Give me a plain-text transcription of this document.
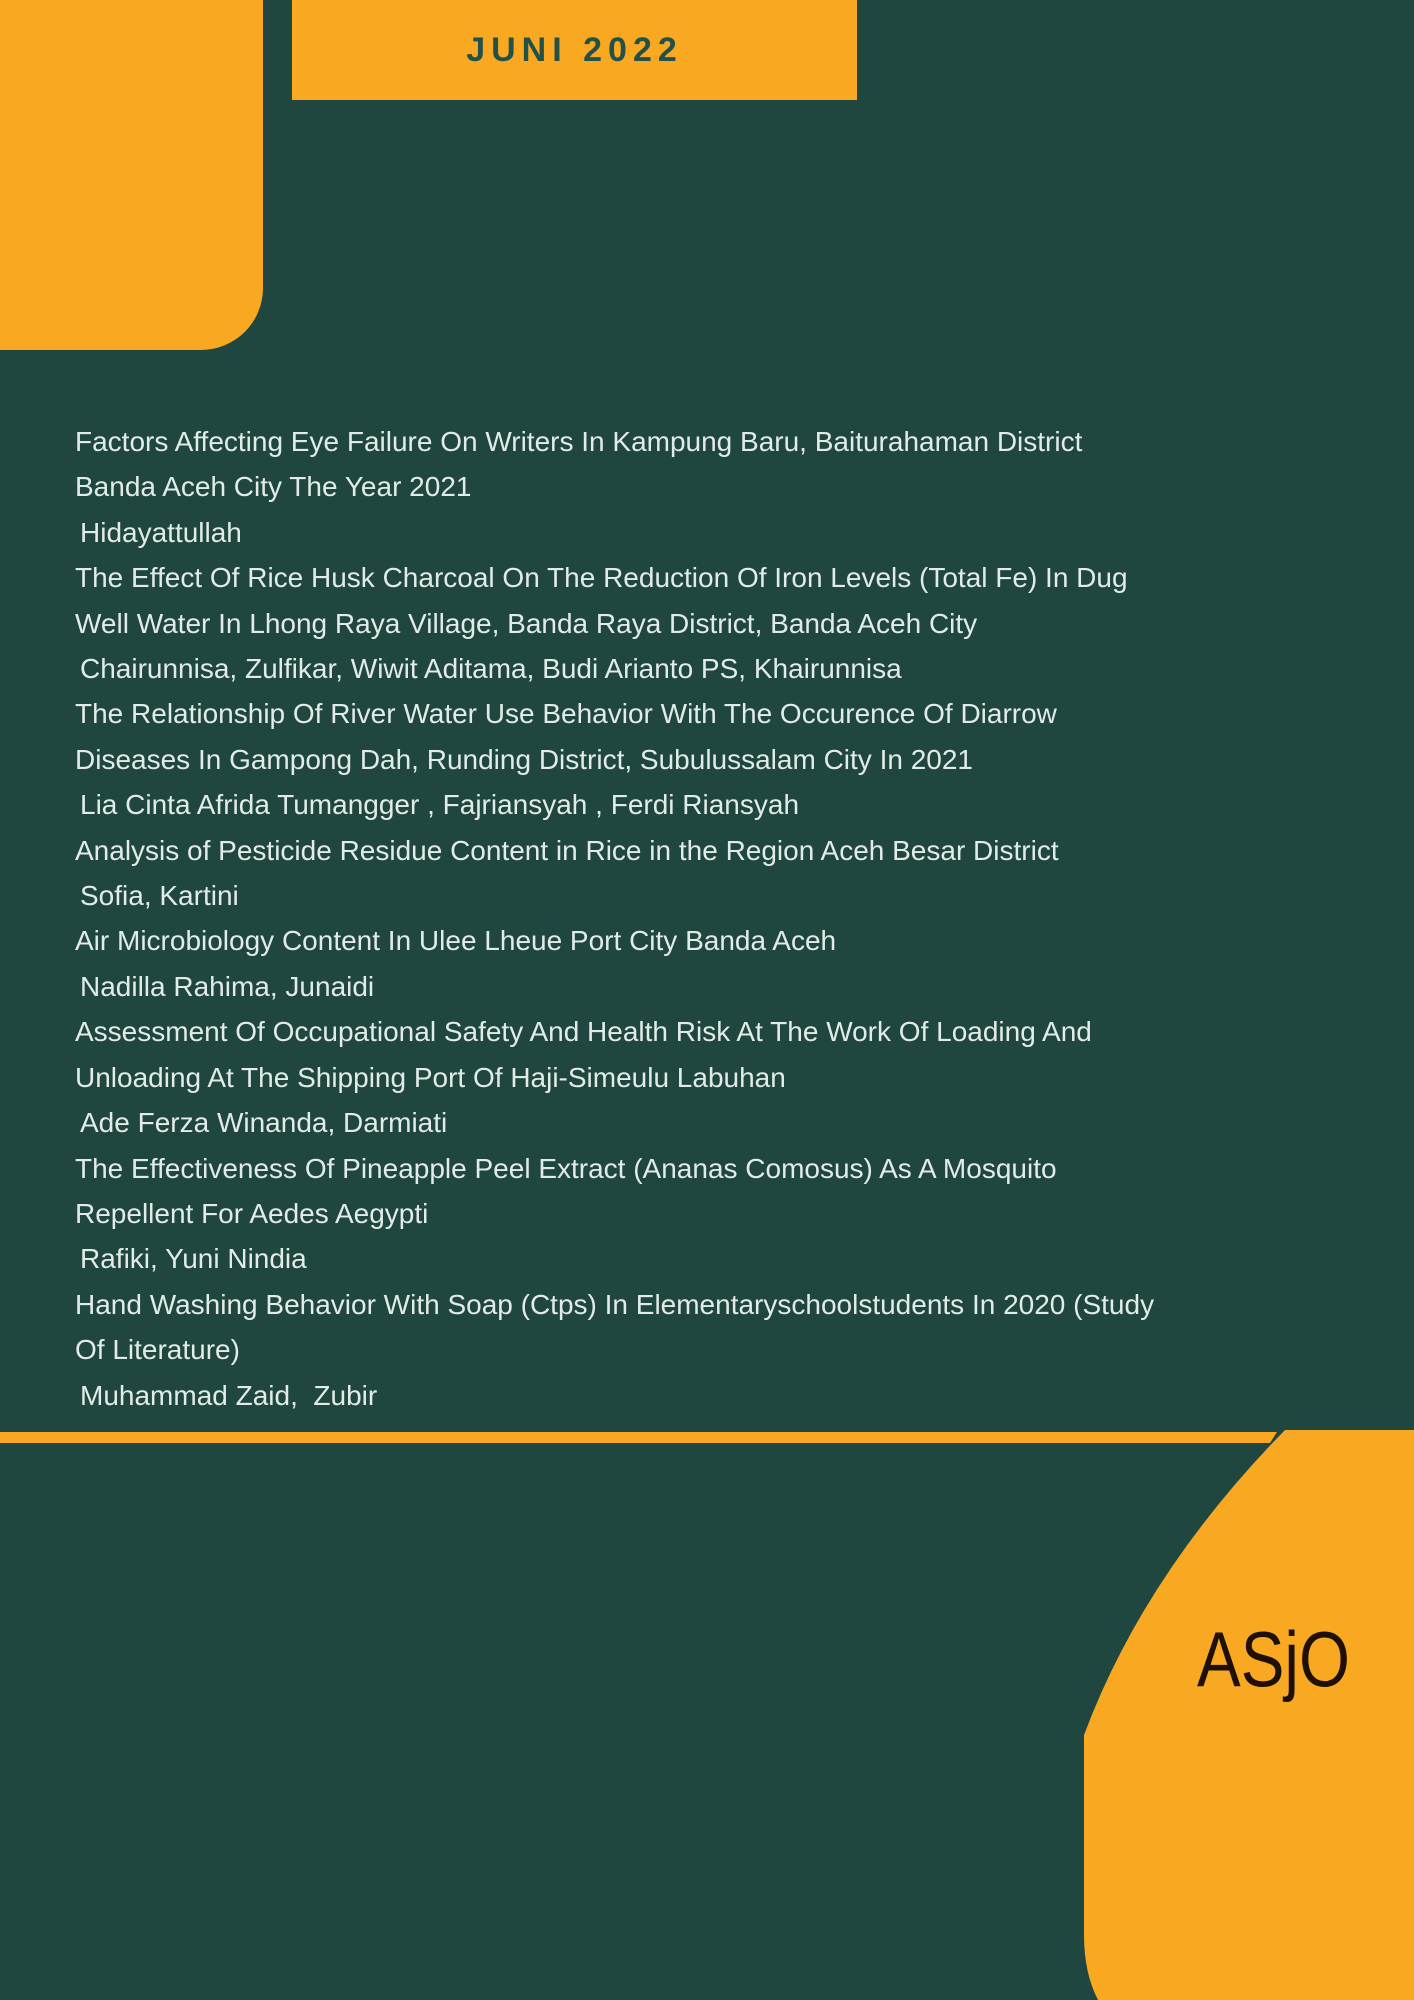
JUNI 2022
Factors Affecting Eye Failure On Writers In Kampung Baru, Baiturahaman District
Banda Aceh City The Year 2021
Hidayattullah
The Effect Of Rice Husk Charcoal On The Reduction Of Iron Levels (Total Fe) In Dug
Well Water In Lhong Raya Village, Banda Raya District, Banda Aceh City
Chairunnisa, Zulfikar, Wiwit Aditama, Budi Arianto PS, Khairunnisa
The Relationship Of River Water Use Behavior With The Occurence Of Diarrow
Diseases In Gampong Dah, Runding District, Subulussalam City In 2021
Lia Cinta Afrida Tumangger , Fajriansyah , Ferdi Riansyah
Analysis of Pesticide Residue Content in Rice in the Region Aceh Besar District
Sofia, Kartini
Air Microbiology Content In Ulee Lheue Port City Banda Aceh
Nadilla Rahima, Junaidi
Assessment Of Occupational Safety And Health Risk At The Work Of Loading And
Unloading At The Shipping Port Of Haji-Simeulu Labuhan
Ade Ferza Winanda, Darmiati
The Effectiveness Of Pineapple Peel Extract (Ananas Comosus) As A Mosquito
Repellent For Aedes Aegypti
Rafiki, Yuni Nindia
Hand Washing Behavior With Soap (Ctps) In Elementaryschoolstudents In 2020 (Study
Of Literature)
Muhammad Zaid,  Zubir
ASjO
